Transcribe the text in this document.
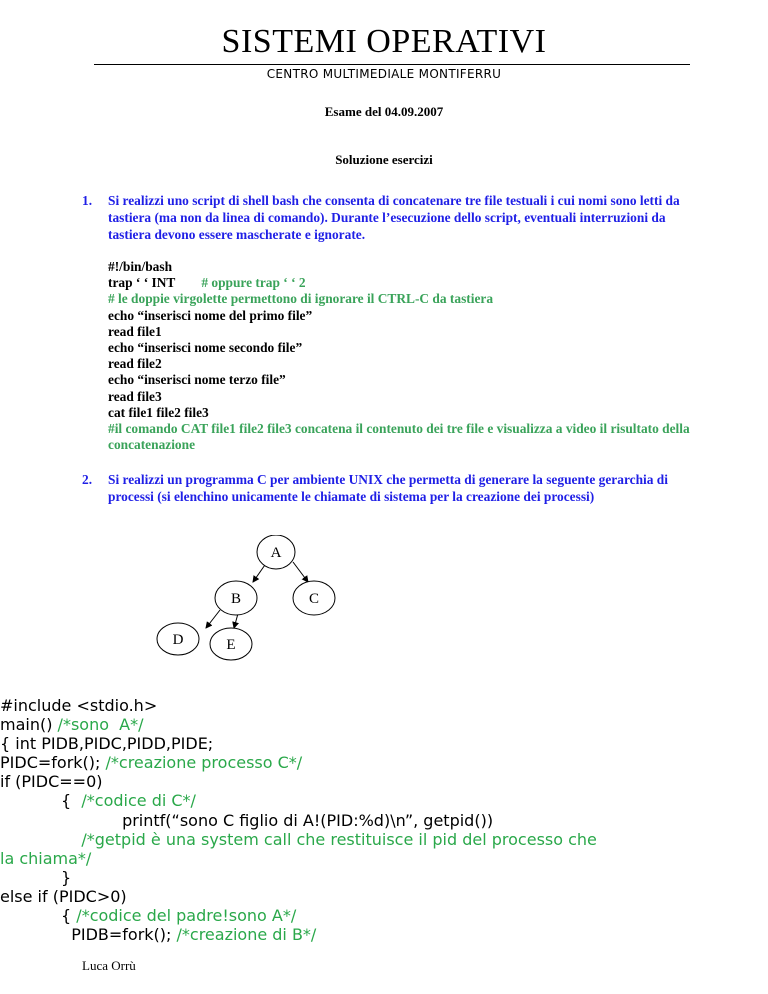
SISTEMI OPERATIVI
CENTRO MULTIMEDIALE MONTIFERRU
Esame del 04.09.2007
Soluzione esercizi
1. Si realizzi uno script di shell bash che consenta di concatenare tre file testuali i cui nomi sono letti da tastiera (ma non da linea di comando). Durante l’esecuzione dello script, eventuali interruzioni da tastiera devono essere mascherate e ignorate.
#!/bin/bash
trap ‘ ‘ INT # oppure trap ‘ ‘ 2
# le doppie virgolette permettono di ignorare il CTRL-C da tastiera
echo “inserisci nome del primo file”
read file1
echo “inserisci nome secondo file”
read file2
echo “inserisci nome terzo file”
read file3
cat file1 file2 file3
#il comando CAT file1 file2 file3 concatena il contenuto dei tre file e visualizza a video il risultato della concatenazione
2. Si realizzi un programma C per ambiente UNIX che permetta di generare la seguente gerarchia di processi (si elenchino unicamente le chiamate di sistema per la creazione dei processi)
A
B	C
D	E
#include <stdio.h>
main() /*sono  A*/
{ int PIDB,PIDC,PIDD,PIDE;
PIDC=fork(); /*creazione processo C*/
if (PIDC==0)
{  /*codice di C*/
printf(“sono C figlio di A!(PID:%d)\n”, getpid())
/*getpid è una system call che restituisce il pid del processo che
la chiama*/
}
else if (PIDC>0)
{ /*codice del padre!sono A*/
PIDB=fork(); /*creazione di B*/
Luca Orrù
